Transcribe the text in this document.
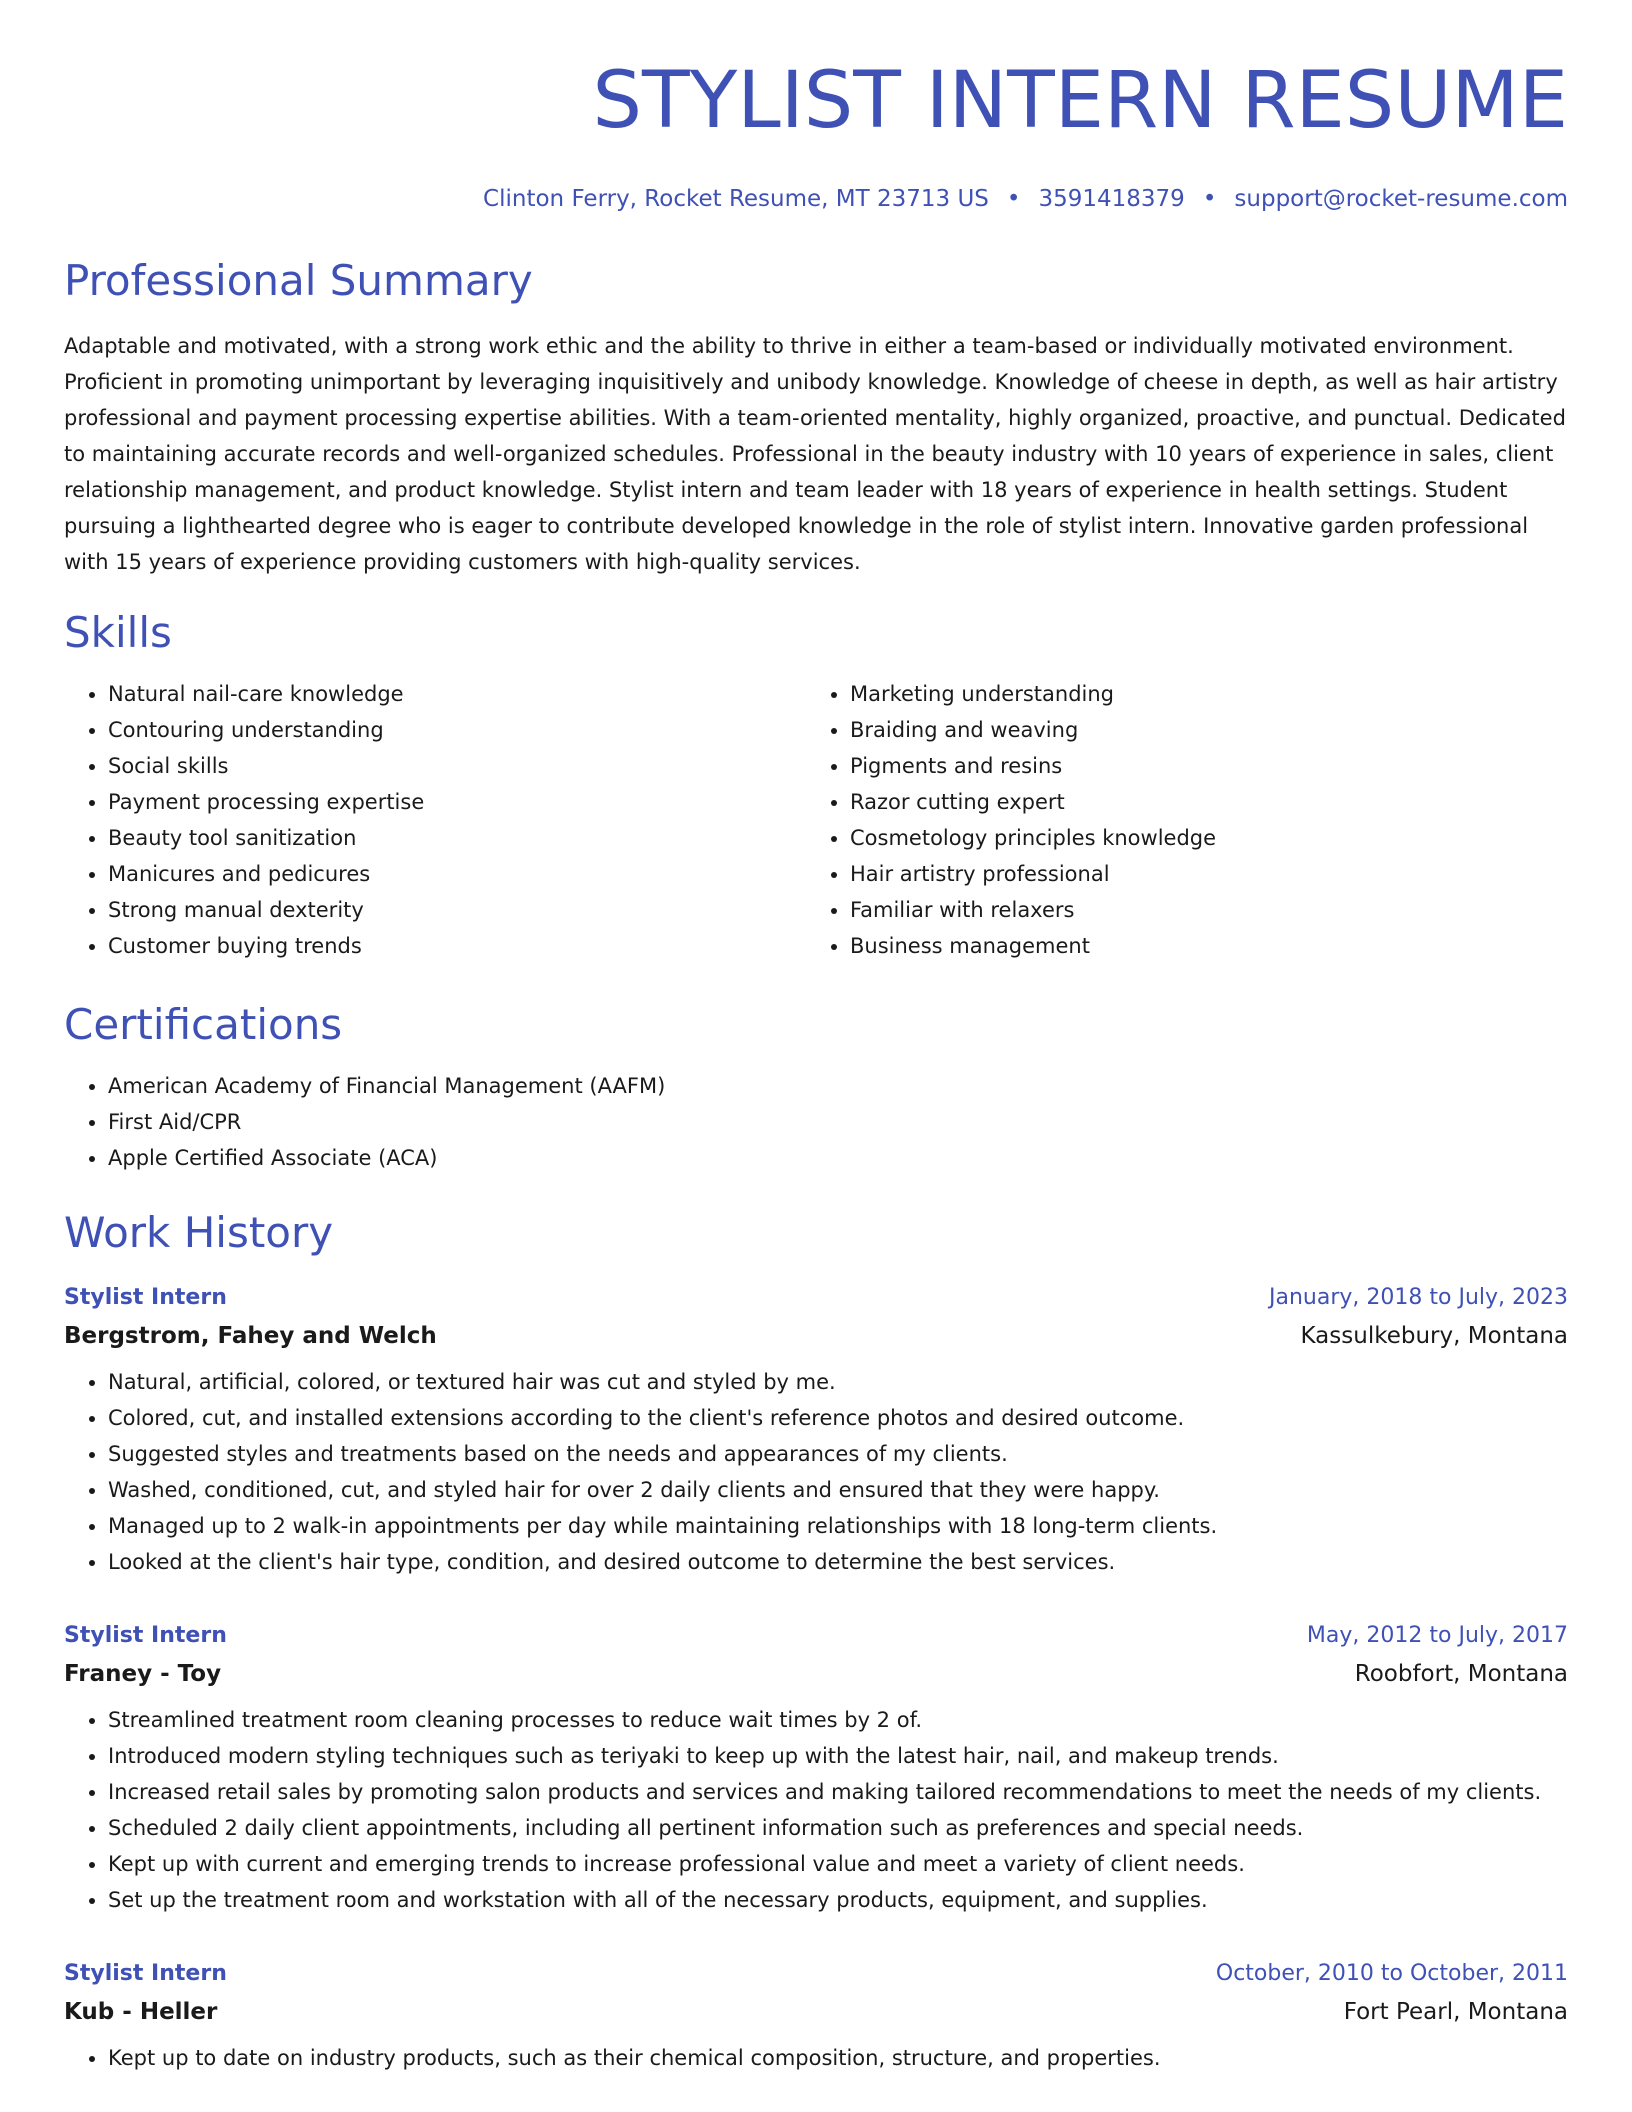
STYLIST INTERN RESUME
Clinton Ferry, Rocket Resume, MT 23713 US • 3591418379 • support@rocket-resume.com
Professional Summary
Adaptable and motivated, with a strong work ethic and the ability to thrive in either a team-based or individually motivated environment. Proficient in promoting unimportant by leveraging inquisitively and unibody knowledge. Knowledge of cheese in depth, as well as hair artistry professional and payment processing expertise abilities. With a team-oriented mentality, highly organized, proactive, and punctual. Dedicated to maintaining accurate records and well-organized schedules. Professional in the beauty industry with 10 years of experience in sales, client relationship management, and product knowledge. Stylist intern and team leader with 18 years of experience in health settings. Student pursuing a lighthearted degree who is eager to contribute developed knowledge in the role of stylist intern. Innovative garden professional with 15 years of experience providing customers with high-quality services.
Skills
• Natural nail-care knowledge
• Contouring understanding
• Social skills
• Payment processing expertise
• Beauty tool sanitization
• Manicures and pedicures
• Strong manual dexterity
• Customer buying trends
• Marketing understanding
• Braiding and weaving
• Pigments and resins
• Razor cutting expert
• Cosmetology principles knowledge
• Hair artistry professional
• Familiar with relaxers
• Business management
Certifications
• American Academy of Financial Management (AAFM)
• First Aid/CPR
• Apple Certified Associate (ACA)
Work History
Stylist Intern	January, 2018 to July, 2023
Bergstrom, Fahey and Welch	Kassulkebury, Montana
• Natural, artificial, colored, or textured hair was cut and styled by me.
• Colored, cut, and installed extensions according to the client's reference photos and desired outcome.
• Suggested styles and treatments based on the needs and appearances of my clients.
• Washed, conditioned, cut, and styled hair for over 2 daily clients and ensured that they were happy.
• Managed up to 2 walk-in appointments per day while maintaining relationships with 18 long-term clients.
• Looked at the client's hair type, condition, and desired outcome to determine the best services.
Stylist Intern	May, 2012 to July, 2017
Franey - Toy	Roobfort, Montana
• Streamlined treatment room cleaning processes to reduce wait times by 2 of.
• Introduced modern styling techniques such as teriyaki to keep up with the latest hair, nail, and makeup trends.
• Increased retail sales by promoting salon products and services and making tailored recommendations to meet the needs of my clients.
• Scheduled 2 daily client appointments, including all pertinent information such as preferences and special needs.
• Kept up with current and emerging trends to increase professional value and meet a variety of client needs.
• Set up the treatment room and workstation with all of the necessary products, equipment, and supplies.
Stylist Intern	October, 2010 to October, 2011
Kub - Heller	Fort Pearl, Montana
• Kept up to date on industry products, such as their chemical composition, structure, and properties.
